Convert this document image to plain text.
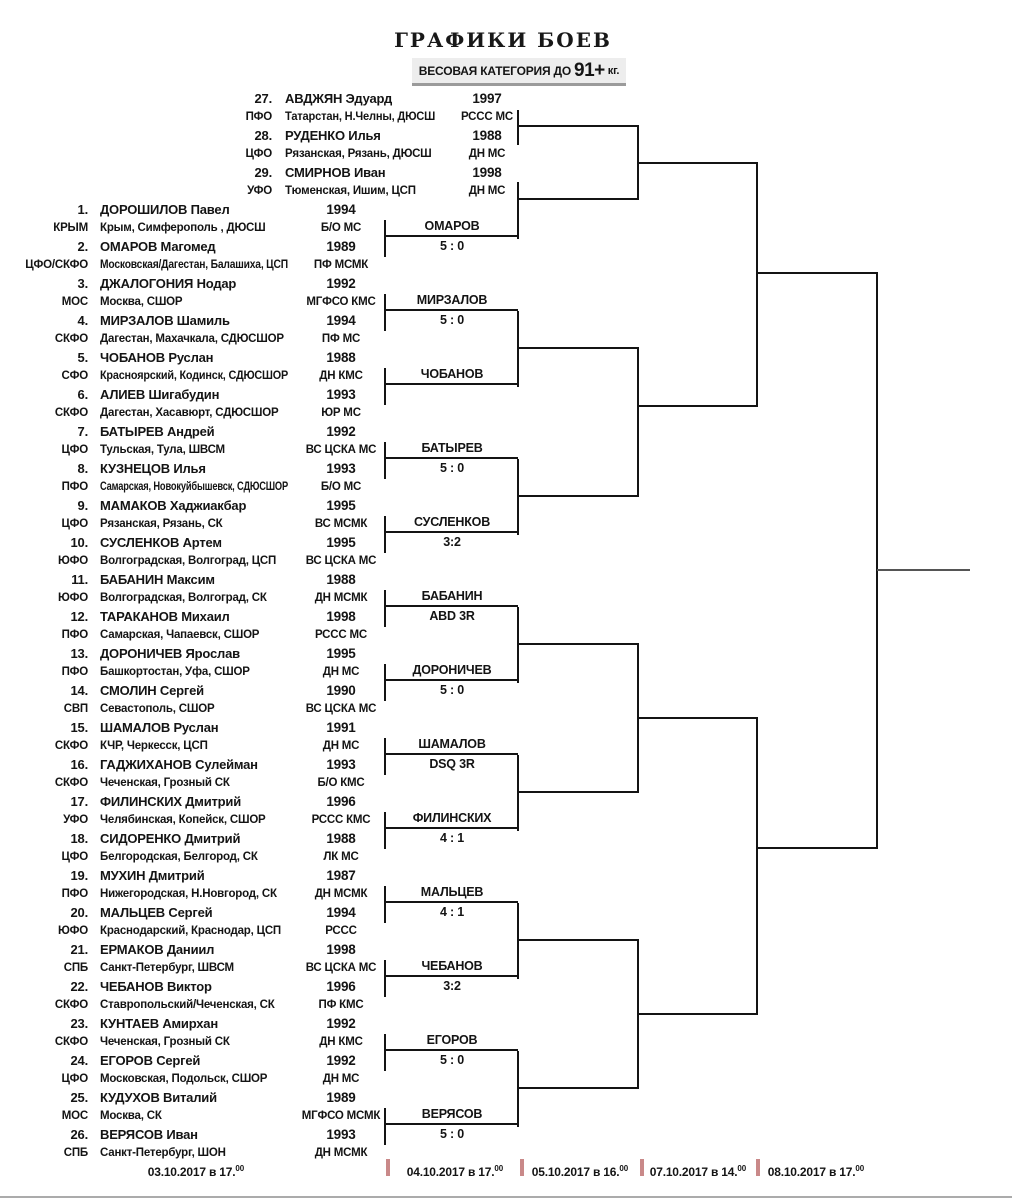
ГРАФИКИ БОЕВ
ВЕСОВАЯ КАТЕГОРИЯ ДО 91+ кг.
27. АВДЖЯН Эдуард	1997
ПФО Татарстан, Н.Челны, ДЮСШ	РССС МС
28. РУДЕНКО Илья	1988
ЦФО Рязанская, Рязань, ДЮСШ	ДН МС
29. СМИРНОВ Иван	1998
УФО Тюменская, Ишим, ЦСП	ДН МС
1. ДОРОШИЛОВ Павел	1994
КРЫМ Крым, Симферополь , ДЮСШ	Б/О МС
2. ОМАРОВ Магомед	1989
ЦФО/СКФО Московская/Дагестан, Балашиха, ЦСП	ПФ МСМК
3. ДЖАЛОГОНИЯ Нодар	1992
МОС Москва, СШОР	МГФСО КМС
4. МИРЗАЛОВ Шамиль	1994
СКФО Дагестан, Махачкала, СДЮСШОР	ПФ МС
5. ЧОБАНОВ Руслан	1988
СФО Красноярский, Кодинск, СДЮСШОР	ДН КМС
6. АЛИЕВ Шигабудин	1993
СКФО Дагестан, Хасавюрт, СДЮСШОР	ЮР МС
7. БАТЫРЕВ Андрей	1992
ЦФО Тульская, Тула, ШВСМ	ВС ЦСКА МС
8. КУЗНЕЦОВ Илья	1993
ПФО Самарская, Новокуйбышевск, СДЮСШОР	Б/О МС
9. МАМАКОВ Хаджиакбар	1995
ЦФО Рязанская, Рязань, СК	ВС МСМК
10. СУСЛЕНКОВ Артем	1995
ЮФО Волгоградская, Волгоград, ЦСП	ВС ЦСКА МС
11. БАБАНИН Максим	1988
ЮФО Волгоградская, Волгоград, СК	ДН МСМК
12. ТАРАКАНОВ Михаил	1998
ПФО Самарская, Чапаевск, СШОР	РССС МС
13. ДОРОНИЧЕВ Ярослав	1995
ПФО Башкортостан, Уфа, СШОР	ДН МС
14. СМОЛИН Сергей	1990
СВП Севастополь, СШОР	ВС ЦСКА МС
15. ШАМАЛОВ Руслан	1991
СКФО КЧР, Черкесск, ЦСП	ДН МС
16. ГАДЖИХАНОВ Сулейман	1993
СКФО Чеченская, Грозный СК	Б/О КМС
17. ФИЛИНСКИХ Дмитрий	1996
УФО Челябинская, Копейск, СШОР	РССС КМС
18. СИДОРЕНКО Дмитрий	1988
ЦФО Белгородская, Белгород, СК	ЛК МС
19. МУХИН Дмитрий	1987
ПФО Нижегородская, Н.Новгород, СК	ДН МСМК
20. МАЛЬЦЕВ Сергей	1994
ЮФО Краснодарский, Краснодар, ЦСП	РССС
21. ЕРМАКОВ Даниил	1998
СПБ Санкт-Петербург, ШВСМ	ВС ЦСКА МС
22. ЧЕБАНОВ Виктор	1996
СКФО Ставропольский/Чеченская, СК	ПФ КМС
23. КУНТАЕВ Амирхан	1992
СКФО Чеченская, Грозный СК	ДН КМС
24. ЕГОРОВ Сергей	1992
ЦФО Московская, Подольск, СШОР	ДН МС
25. КУДУХОВ Виталий	1989
МОС Москва, СК	МГФСО МСМК
26. ВЕРЯСОВ Иван	1993
СПБ Санкт-Петербург, ШОН	ДН МСМК
ОМАРОВ
5 : 0
МИРЗАЛОВ
5 : 0
ЧОБАНОВ
БАТЫРЕВ
5 : 0
СУСЛЕНКОВ
3:2
БАБАНИН
ABD 3R
ДОРОНИЧЕВ
5 : 0
ШАМАЛОВ
DSQ 3R
ФИЛИНСКИХ
4 : 1
МАЛЬЦЕВ
4 : 1
ЧЕБАНОВ
3:2
ЕГОРОВ
5 : 0
ВЕРЯСОВ
5 : 0
03.10.2017 в 17.00	04.10.2017 в 17.00	05.10.2017 в 16.00	07.10.2017 в 14.00	08.10.2017 в 17.00
